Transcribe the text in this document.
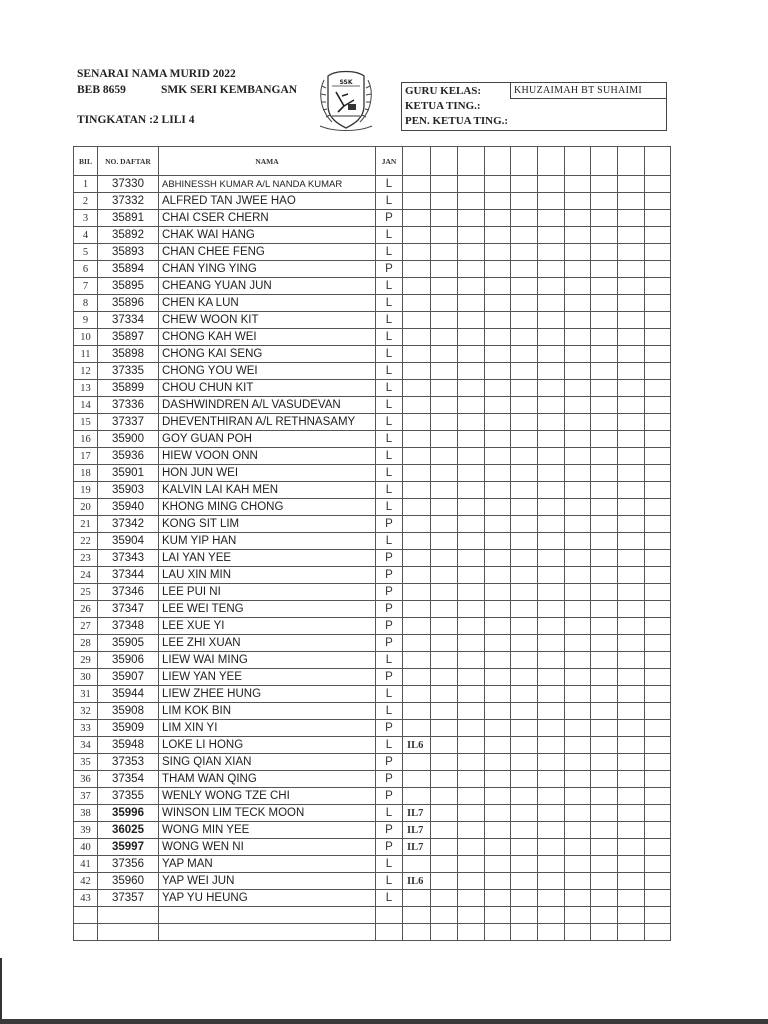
SENARAI NAMA MURID 2022
BEB 8659	SMK SERI KEMBANGAN
TINGKATAN :2 LILI 4
SSK
GURU KELAS:	KHUZAIMAH BT SUHAIMI
KETUA TING.:
PEN. KETUA TING.:
BIL	NO. DAFTAR	NAMA	JAN										
1	37330	ABHINESSH KUMAR A/L NANDA KUMAR	L										
2	37332	ALFRED TAN JWEE HAO	L										
3	35891	CHAI CSER CHERN	P										
4	35892	CHAK WAI HANG	L										
5	35893	CHAN CHEE FENG	L										
6	35894	CHAN YING YING	P										
7	35895	CHEANG YUAN JUN	L										
8	35896	CHEN KA LUN	L										
9	37334	CHEW WOON KIT	L										
10	35897	CHONG KAH WEI	L										
11	35898	CHONG KAI SENG	L										
12	37335	CHONG YOU WEI	L										
13	35899	CHOU CHUN KIT	L										
14	37336	DASHWINDREN A/L VASUDEVAN	L										
15	37337	DHEVENTHIRAN A/L RETHNASAMY	L										
16	35900	GOY GUAN POH	L										
17	35936	HIEW VOON ONN	L										
18	35901	HON JUN WEI	L										
19	35903	KALVIN LAI KAH MEN	L										
20	35940	KHONG MING CHONG	L										
21	37342	KONG SIT LIM	P										
22	35904	KUM YIP HAN	L										
23	37343	LAI YAN YEE	P										
24	37344	LAU XIN MIN	P										
25	37346	LEE PUI NI	P										
26	37347	LEE WEI TENG	P										
27	37348	LEE XUE YI	P										
28	35905	LEE ZHI XUAN	P										
29	35906	LIEW WAI MING	L										
30	35907	LIEW YAN YEE	P										
31	35944	LIEW ZHEE HUNG	L										
32	35908	LIM KOK BIN	L										
33	35909	LIM XIN YI	P										
34	35948	LOKE LI HONG	L	IL6									
35	37353	SING QIAN XIAN	P										
36	37354	THAM WAN QING	P										
37	37355	WENLY WONG TZE CHI	P										
38	35996	WINSON LIM TECK MOON	L	IL7									
39	36025	WONG MIN YEE	P	IL7									
40	35997	WONG WEN NI	P	IL7									
41	37356	YAP MAN	L										
42	35960	YAP WEI JUN	L	IL6									
43	37357	YAP YU HEUNG	L										
